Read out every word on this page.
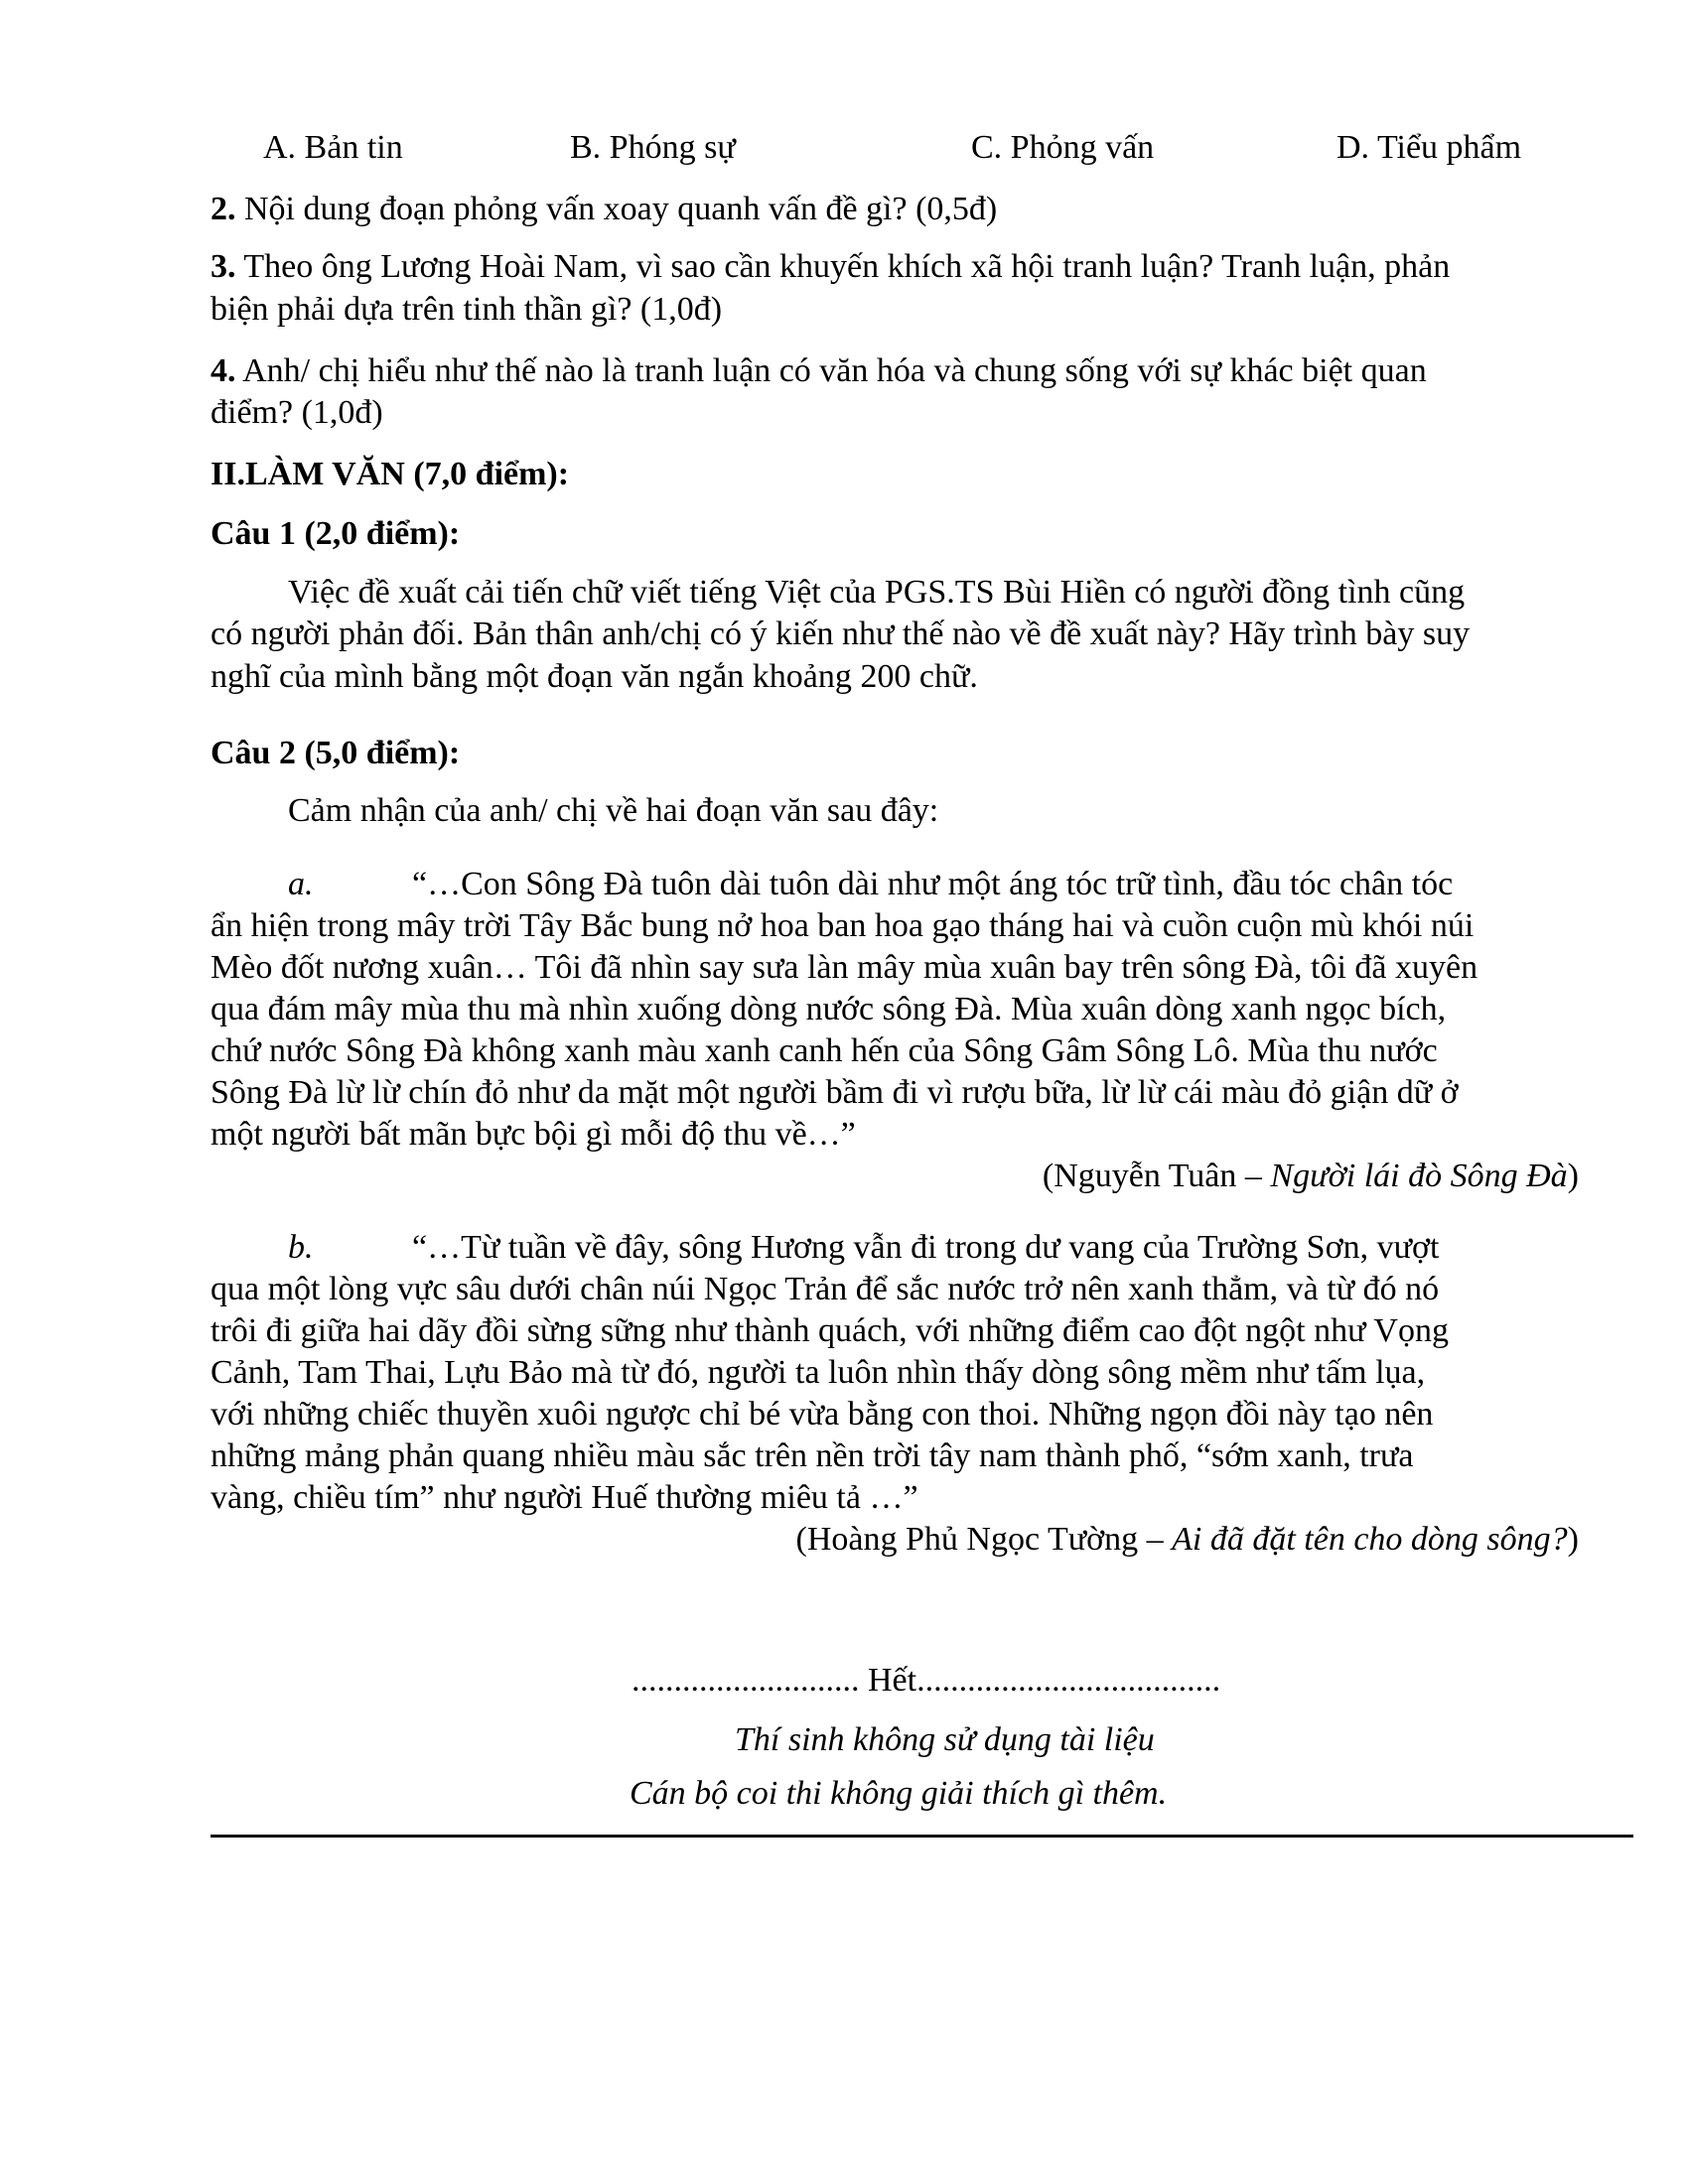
A. Bản tin	B. Phóng sự	C. Phỏng vấn	D. Tiểu phẩm
2. Nội dung đoạn phỏng vấn xoay quanh vấn đề gì? (0,5đ)
3. Theo ông Lương Hoài Nam, vì sao cần khuyến khích xã hội tranh luận? Tranh luận, phản
biện phải dựa trên tinh thần gì? (1,0đ)
4. Anh/ chị hiểu như thế nào là tranh luận có văn hóa và chung sống với sự khác biệt quan
điểm? (1,0đ)
II.LÀM VĂN (7,0 điểm):
Câu 1 (2,0 điểm):
Việc đề xuất cải tiến chữ viết tiếng Việt của PGS.TS Bùi Hiền có người đồng tình cũng
có người phản đối. Bản thân anh/chị có ý kiến như thế nào về đề xuất này? Hãy trình bày suy
nghĩ của mình bằng một đoạn văn ngắn khoảng 200 chữ.
Câu 2 (5,0 điểm):
Cảm nhận của anh/ chị về hai đoạn văn sau đây:
a.	“…Con Sông Đà tuôn dài tuôn dài như một áng tóc trữ tình, đầu tóc chân tóc
ẩn hiện trong mây trời Tây Bắc bung nở hoa ban hoa gạo tháng hai và cuồn cuộn mù khói núi
Mèo đốt nương xuân… Tôi đã nhìn say sưa làn mây mùa xuân bay trên sông Đà, tôi đã xuyên
qua đám mây mùa thu mà nhìn xuống dòng nước sông Đà. Mùa xuân dòng xanh ngọc bích,
chứ nước Sông Đà không xanh màu xanh canh hến của Sông Gâm Sông Lô. Mùa thu nước
Sông Đà lừ lừ chín đỏ như da mặt một người bầm đi vì rượu bữa, lừ lừ cái màu đỏ giận dữ ở
một người bất mãn bực bội gì mỗi độ thu về…”
(Nguyễn Tuân – Người lái đò Sông Đà)
b.	“…Từ tuần về đây, sông Hương vẫn đi trong dư vang của Trường Sơn, vượt
qua một lòng vực sâu dưới chân núi Ngọc Trản để sắc nước trở nên xanh thẳm, và từ đó nó
trôi đi giữa hai dãy đồi sừng sững như thành quách, với những điểm cao đột ngột như Vọng
Cảnh, Tam Thai, Lựu Bảo mà từ đó, người ta luôn nhìn thấy dòng sông mềm như tấm lụa,
với những chiếc thuyền xuôi ngược chỉ bé vừa bằng con thoi. Những ngọn đồi này tạo nên
những mảng phản quang nhiều màu sắc trên nền trời tây nam thành phố, “sớm xanh, trưa
vàng, chiều tím” như người Huế thường miêu tả …”
(Hoàng Phủ Ngọc Tường – Ai đã đặt tên cho dòng sông?)
........................... Hết....................................
Thí sinh không sử dụng tài liệu
Cán bộ coi thi không giải thích gì thêm.
